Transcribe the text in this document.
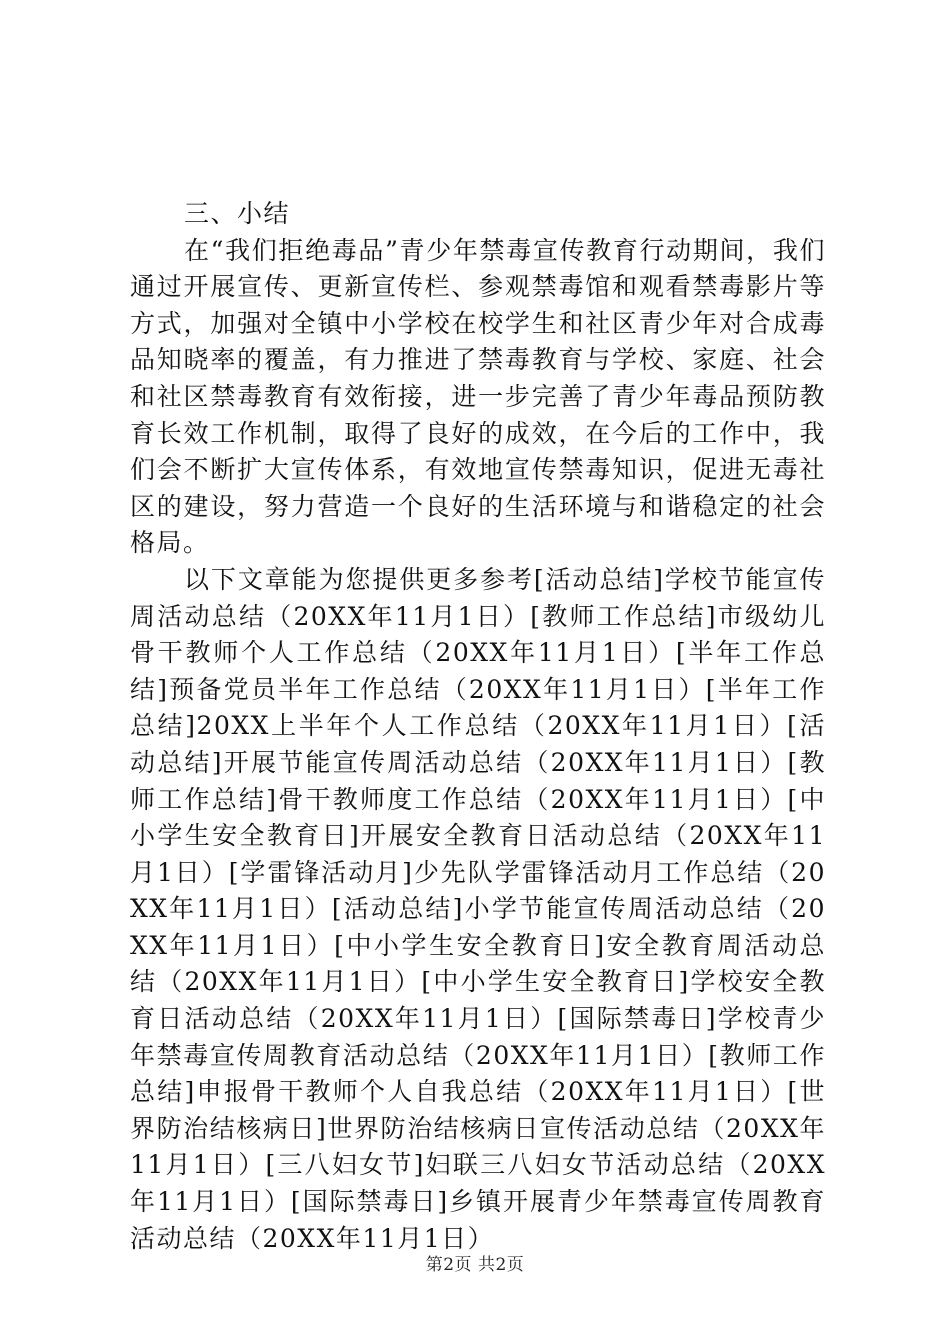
三、小结

在“我们拒绝毒品”青少年禁毒宣传教育行动期间，我们通过开展宣传、更新宣传栏、参观禁毒馆和观看禁毒影片等方式，加强对全镇中小学校在校学生和社区青少年对合成毒品知晓率的覆盖，有力推进了禁毒教育与学校、家庭、社会和社区禁毒教育有效衔接，进一步完善了青少年毒品预防教育长效工作机制，取得了良好的成效，在今后的工作中，我们会不断扩大宣传体系，有效地宣传禁毒知识，促进无毒社区的建设，努力营造一个良好的生活环境与和谐稳定的社会格局。

以下文章能为您提供更多参考[活动总结]学校节能宣传周活动总结（20XX年11月1日）[教师工作总结]市级幼儿骨干教师个人工作总结（20XX年11月1日）[半年工作总结]预备党员半年工作总结（20XX年11月1日）[半年工作总结]20XX上半年个人工作总结（20XX年11月1日）[活动总结]开展节能宣传周活动总结（20XX年11月1日）[教师工作总结]骨干教师度工作总结（20XX年11月1日）[中小学生安全教育日]开展安全教育日活动总结（20XX年11月1日）[学雷锋活动月]少先队学雷锋活动月工作总结（20XX年11月1日）[活动总结]小学节能宣传周活动总结（20XX年11月1日）[中小学生安全教育日]安全教育周活动总结（20XX年11月1日）[中小学生安全教育日]学校安全教育日活动总结（20XX年11月1日）[国际禁毒日]学校青少年禁毒宣传周教育活动总结（20XX年11月1日）[教师工作总结]申报骨干教师个人自我总结（20XX年11月1日）[世界防治结核病日]世界防治结核病日宣传活动总结（20XX年11月1日）[三八妇女节]妇联三八妇女节活动总结（20XX年11月1日）[国际禁毒日]乡镇开展青少年禁毒宣传周教育活动总结（20XX年11月1日）

第2页 共2页
